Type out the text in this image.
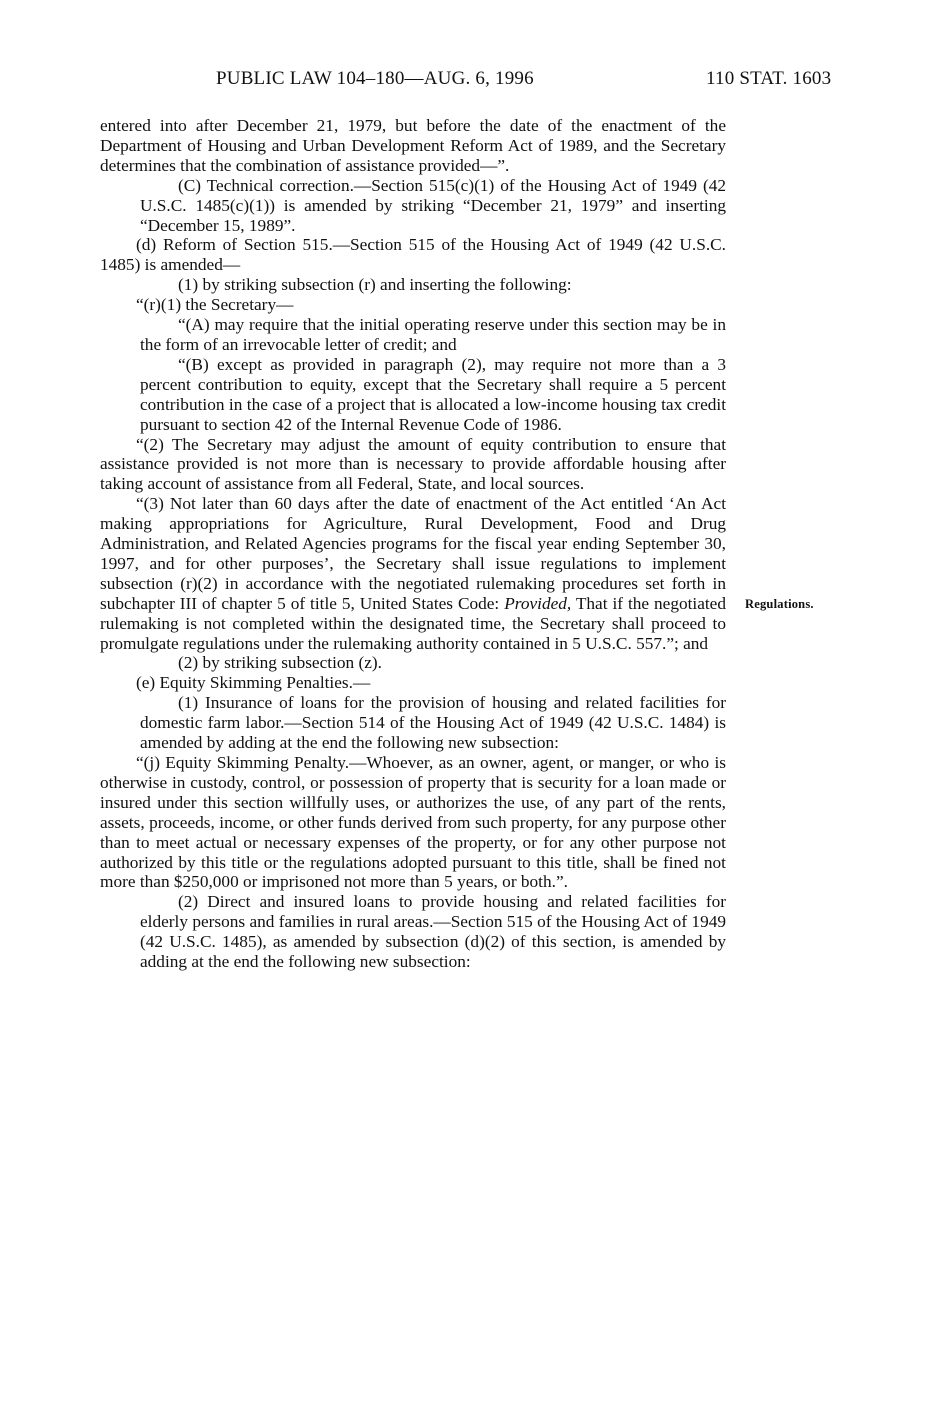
PUBLIC LAW 104–180—AUG. 6, 1996	110 STAT. 1603

entered into after December 21, 1979, but before the date of the enactment of the Department of Housing and Urban Development Reform Act of 1989, and the Secretary determines that the combination of assistance provided—”.

(C) Technical correction.—Section 515(c)(1) of the Housing Act of 1949 (42 U.S.C. 1485(c)(1)) is amended by striking “December 21, 1979” and inserting “December 15, 1989”.

(d) Reform of Section 515.—Section 515 of the Housing Act of 1949 (42 U.S.C. 1485) is amended—

(1) by striking subsection (r) and inserting the following:

“(r)(1) the Secretary—

“(A) may require that the initial operating reserve under this section may be in the form of an irrevocable letter of credit; and

“(B) except as provided in paragraph (2), may require not more than a 3 percent contribution to equity, except that the Secretary shall require a 5 percent contribution in the case of a project that is allocated a low-income housing tax credit pursuant to section 42 of the Internal Revenue Code of 1986.

“(2) The Secretary may adjust the amount of equity contribution to ensure that assistance provided is not more than is necessary to provide affordable housing after taking account of assistance from all Federal, State, and local sources.

“(3) Not later than 60 days after the date of enactment of the Act entitled ‘An Act making appropriations for Agriculture, Rural Development, Food and Drug Administration, and Related Agencies programs for the fiscal year ending September 30, 1997, and for other purposes’, the Secretary shall issue regulations to implement subsection (r)(2) in accordance with the negotiated rulemaking procedures set forth in subchapter III of chapter 5 of title 5, United States Code: Provided, That if the negotiated rulemaking is not completed within the designated time, the Secretary shall proceed to promulgate regulations under the rulemaking authority contained in 5 U.S.C. 557.”; and

(2) by striking subsection (z).

(e) Equity Skimming Penalties.—

(1) Insurance of loans for the provision of housing and related facilities for domestic farm labor.—Section 514 of the Housing Act of 1949 (42 U.S.C. 1484) is amended by adding at the end the following new subsection:

“(j) Equity Skimming Penalty.—Whoever, as an owner, agent, or manger, or who is otherwise in custody, control, or possession of property that is security for a loan made or insured under this section willfully uses, or authorizes the use, of any part of the rents, assets, proceeds, income, or other funds derived from such property, for any purpose other than to meet actual or necessary expenses of the property, or for any other purpose not authorized by this title or the regulations adopted pursuant to this title, shall be fined not more than $250,000 or imprisoned not more than 5 years, or both.”.

(2) Direct and insured loans to provide housing and related facilities for elderly persons and families in rural areas.—Section 515 of the Housing Act of 1949 (42 U.S.C. 1485), as amended by subsection (d)(2) of this section, is amended by adding at the end the following new subsection:

Regulations.
